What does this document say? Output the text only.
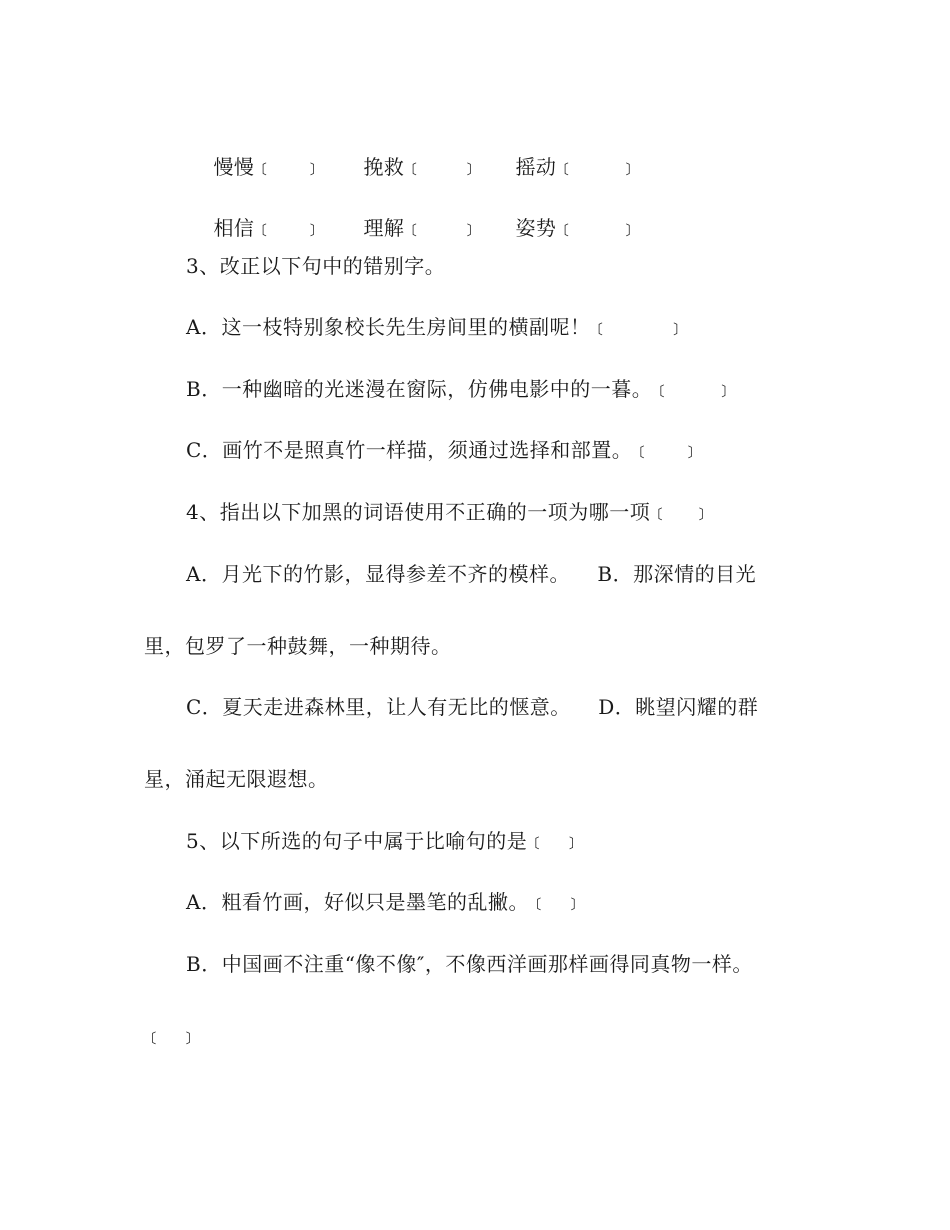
慢慢﹝    ﹞ 挽救﹝     ﹞ 摇动﹝      ﹞

相信﹝    ﹞ 理解﹝     ﹞ 姿势﹝      ﹞

3、改正以下句中的错别字。
A．这一枝特别象校长先生房间里的横副呢！﹝        ﹞
B．一种幽暗的光迷漫在窗际，仿佛电影中的一暮。﹝      ﹞
C．画竹不是照真竹一样描，须通过选择和部置。﹝    ﹞
4、指出以下加黑的词语使用不正确的一项为哪一项﹝   ﹞
A．月光下的竹影，显得参差不齐的模样。    B．那深情的目光
里，包罗了一种鼓舞，一种期待。
C．夏天走进森林里，让人有无比的惬意。    D．眺望闪耀的群
星，涌起无限遐想。
5、以下所选的句子中属于比喻句的是﹝  ﹞
A．粗看竹画，好似只是墨笔的乱撇。﹝  ﹞
B．中国画不注重“像不像″，不像西洋画那样画得同真物一样。
﹝  ﹞
